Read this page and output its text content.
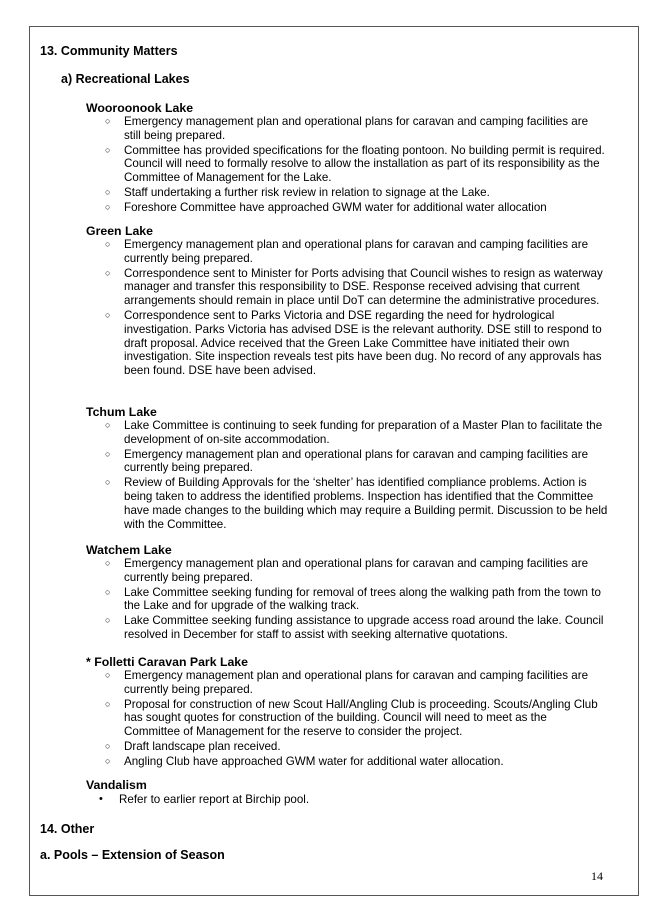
13. Community Matters
a) Recreational Lakes
Wooroonook Lake
○ Emergency management plan and operational plans for caravan and camping facilities are still being prepared.
○ Committee has provided specifications for the floating pontoon. No building permit is required. Council will need to formally resolve to allow the installation as part of its responsibility as the Committee of Management for the Lake.
○ Staff undertaking a further risk review in relation to signage at the Lake.
○ Foreshore Committee have approached GWM water for additional water allocation
Green Lake
○ Emergency management plan and operational plans for caravan and camping facilities are currently being prepared.
○ Correspondence sent to Minister for Ports advising that Council wishes to resign as waterway manager and transfer this responsibility to DSE. Response received advising that current arrangements should remain in place until DoT can determine the administrative procedures.
○ Correspondence sent to Parks Victoria and DSE regarding the need for hydrological investigation. Parks Victoria has advised DSE is the relevant authority. DSE still to respond to draft proposal. Advice received that the Green Lake Committee have initiated their own investigation. Site inspection reveals test pits have been dug. No record of any approvals has been found. DSE have been advised.
Tchum Lake
○ Lake Committee is continuing to seek funding for preparation of a Master Plan to facilitate the development of on-site accommodation.
○ Emergency management plan and operational plans for caravan and camping facilities are currently being prepared.
○ Review of Building Approvals for the ‘shelter’ has identified compliance problems. Action is being taken to address the identified problems. Inspection has identified that the Committee have made changes to the building which may require a Building permit. Discussion to be held with the Committee.
Watchem Lake
○ Emergency management plan and operational plans for caravan and camping facilities are currently being prepared.
○ Lake Committee seeking funding for removal of trees along the walking path from the town to the Lake and for upgrade of the walking track.
○ Lake Committee seeking funding assistance to upgrade access road around the lake. Council resolved in December for staff to assist with seeking alternative quotations.
* Folletti Caravan Park Lake
○ Emergency management plan and operational plans for caravan and camping facilities are currently being prepared.
○ Proposal for construction of new Scout Hall/Angling Club is proceeding. Scouts/Angling Club has sought quotes for construction of the building. Council will need to meet as the Committee of Management for the reserve to consider the project.
○ Draft landscape plan received.
○ Angling Club have approached GWM water for additional water allocation.
Vandalism
• Refer to earlier report at Birchip pool.
14. Other
a. Pools – Extension of Season
14
